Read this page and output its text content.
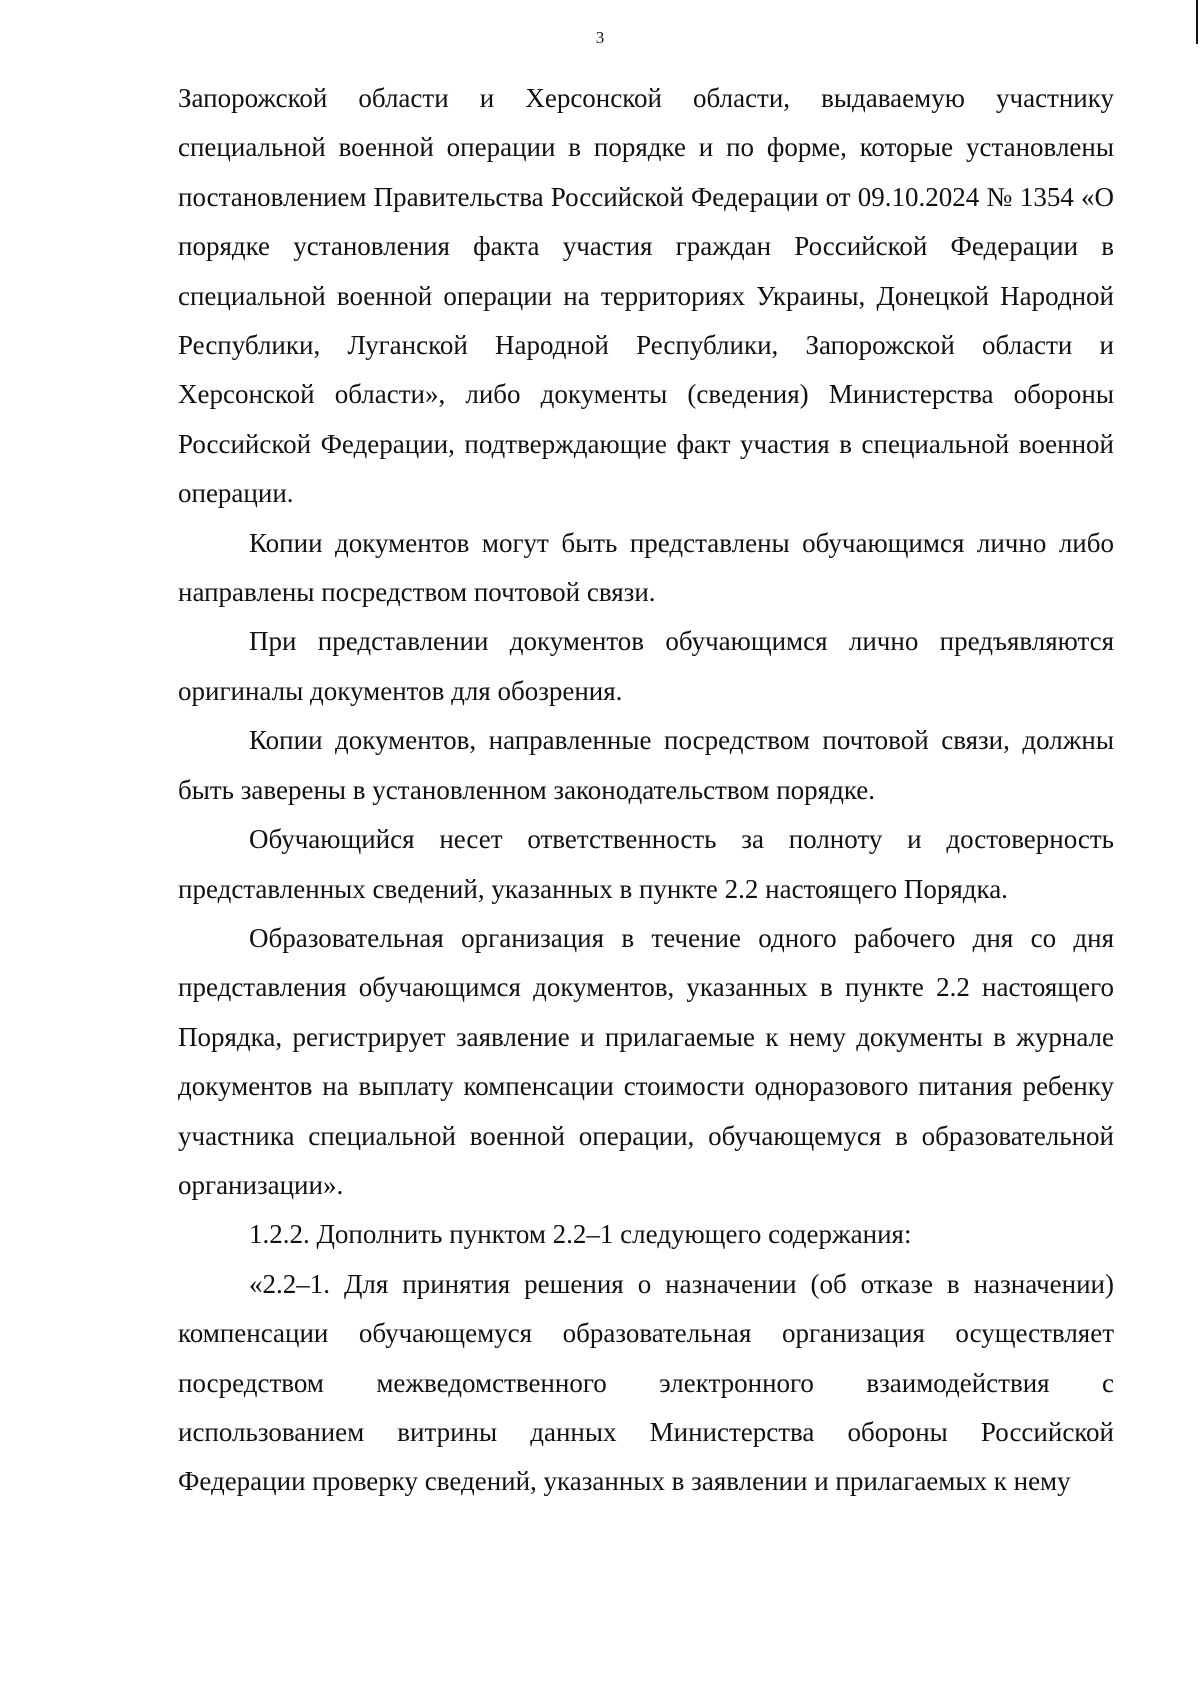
3

Запорожской области и Херсонской области, выдаваемую участнику специальной военной операции в порядке и по форме, которые установлены постановлением Правительства Российской Федерации от 09.10.2024 № 1354 «О порядке установления факта участия граждан Российской Федерации в специальной военной операции на территориях Украины, Донецкой Народной Республики, Луганской Народной Республики, Запорожской области и Херсонской области», либо документы (сведения) Министерства обороны Российской Федерации, подтверждающие факт участия в специальной военной операции.

Копии документов могут быть представлены обучающимся лично либо направлены посредством почтовой связи.

При представлении документов обучающимся лично предъявляются оригиналы документов для обозрения.

Копии документов, направленные посредством почтовой связи, должны быть заверены в установленном законодательством порядке.

Обучающийся несет ответственность за полноту и достоверность представленных сведений, указанных в пункте 2.2 настоящего Порядка.

Образовательная организация в течение одного рабочего дня со дня представления обучающимся документов, указанных в пункте 2.2 настоящего Порядка, регистрирует заявление и прилагаемые к нему документы в журнале документов на выплату компенсации стоимости одноразового питания ребенку участника специальной военной операции, обучающемуся в образовательной организации».

1.2.2. Дополнить пунктом 2.2–1 следующего содержания:

«2.2–1. Для принятия решения о назначении (об отказе в назначении) компенсации обучающемуся образовательная организация осуществляет посредством межведомственного электронного взаимодействия с использованием витрины данных Министерства обороны Российской Федерации проверку сведений, указанных в заявлении и прилагаемых к нему
